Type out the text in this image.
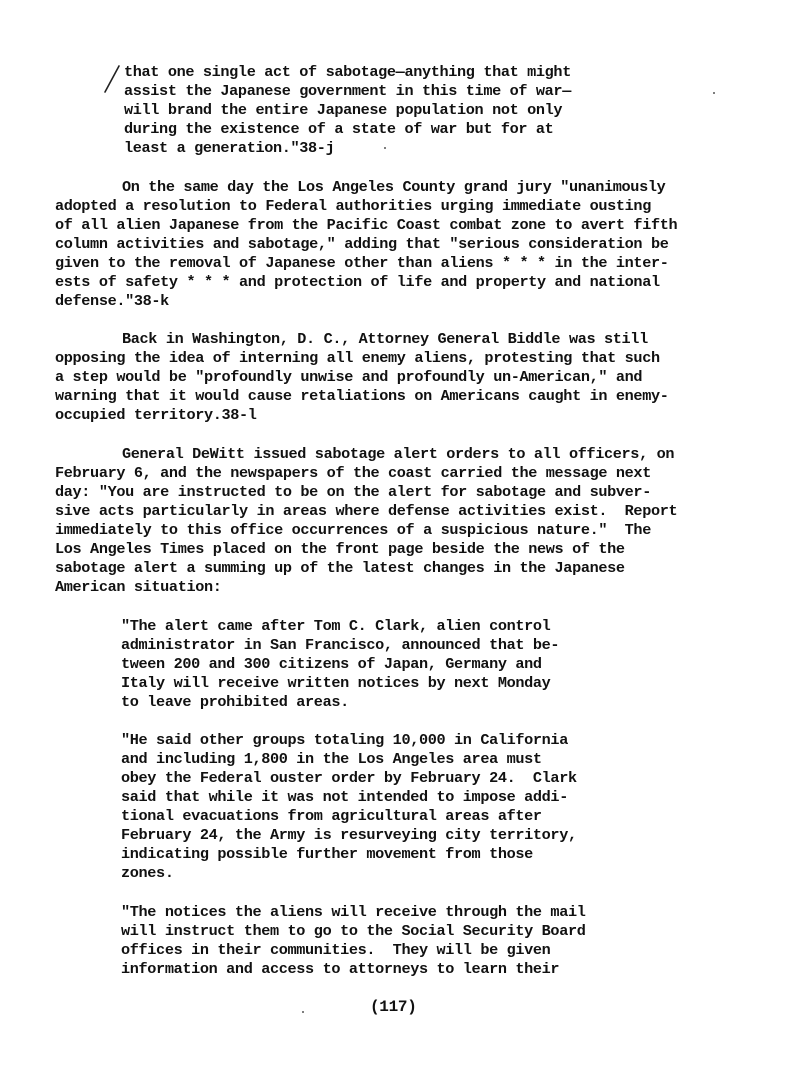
that one single act of sabotage—anything that might
assist the Japanese government in this time of war—
will brand the entire Japanese population not only
during the existence of a state of war but for at
least a generation."38-j
On the same day the Los Angeles County grand jury "unanimously
adopted a resolution to Federal authorities urging immediate ousting
of all alien Japanese from the Pacific Coast combat zone to avert fifth
column activities and sabotage," adding that "serious consideration be
given to the removal of Japanese other than aliens * * * in the inter-
ests of safety * * * and protection of life and property and national
defense."38-k
Back in Washington, D. C., Attorney General Biddle was still
opposing the idea of interning all enemy aliens, protesting that such
a step would be "profoundly unwise and profoundly un-American," and
warning that it would cause retaliations on Americans caught in enemy-
occupied territory.38-l
General DeWitt issued sabotage alert orders to all officers, on
February 6, and the newspapers of the coast carried the message next
day: "You are instructed to be on the alert for sabotage and subver-
sive acts particularly in areas where defense activities exist.  Report
immediately to this office occurrences of a suspicious nature."  The
Los Angeles Times placed on the front page beside the news of the
sabotage alert a summing up of the latest changes in the Japanese
American situation:
"The alert came after Tom C. Clark, alien control
administrator in San Francisco, announced that be-
tween 200 and 300 citizens of Japan, Germany and
Italy will receive written notices by next Monday
to leave prohibited areas.
"He said other groups totaling 10,000 in California
and including 1,800 in the Los Angeles area must
obey the Federal ouster order by February 24.  Clark
said that while it was not intended to impose addi-
tional evacuations from agricultural areas after
February 24, the Army is resurveying city territory,
indicating possible further movement from those
zones.
"The notices the aliens will receive through the mail
will instruct them to go to the Social Security Board
offices in their communities.  They will be given
information and access to attorneys to learn their
(117)
